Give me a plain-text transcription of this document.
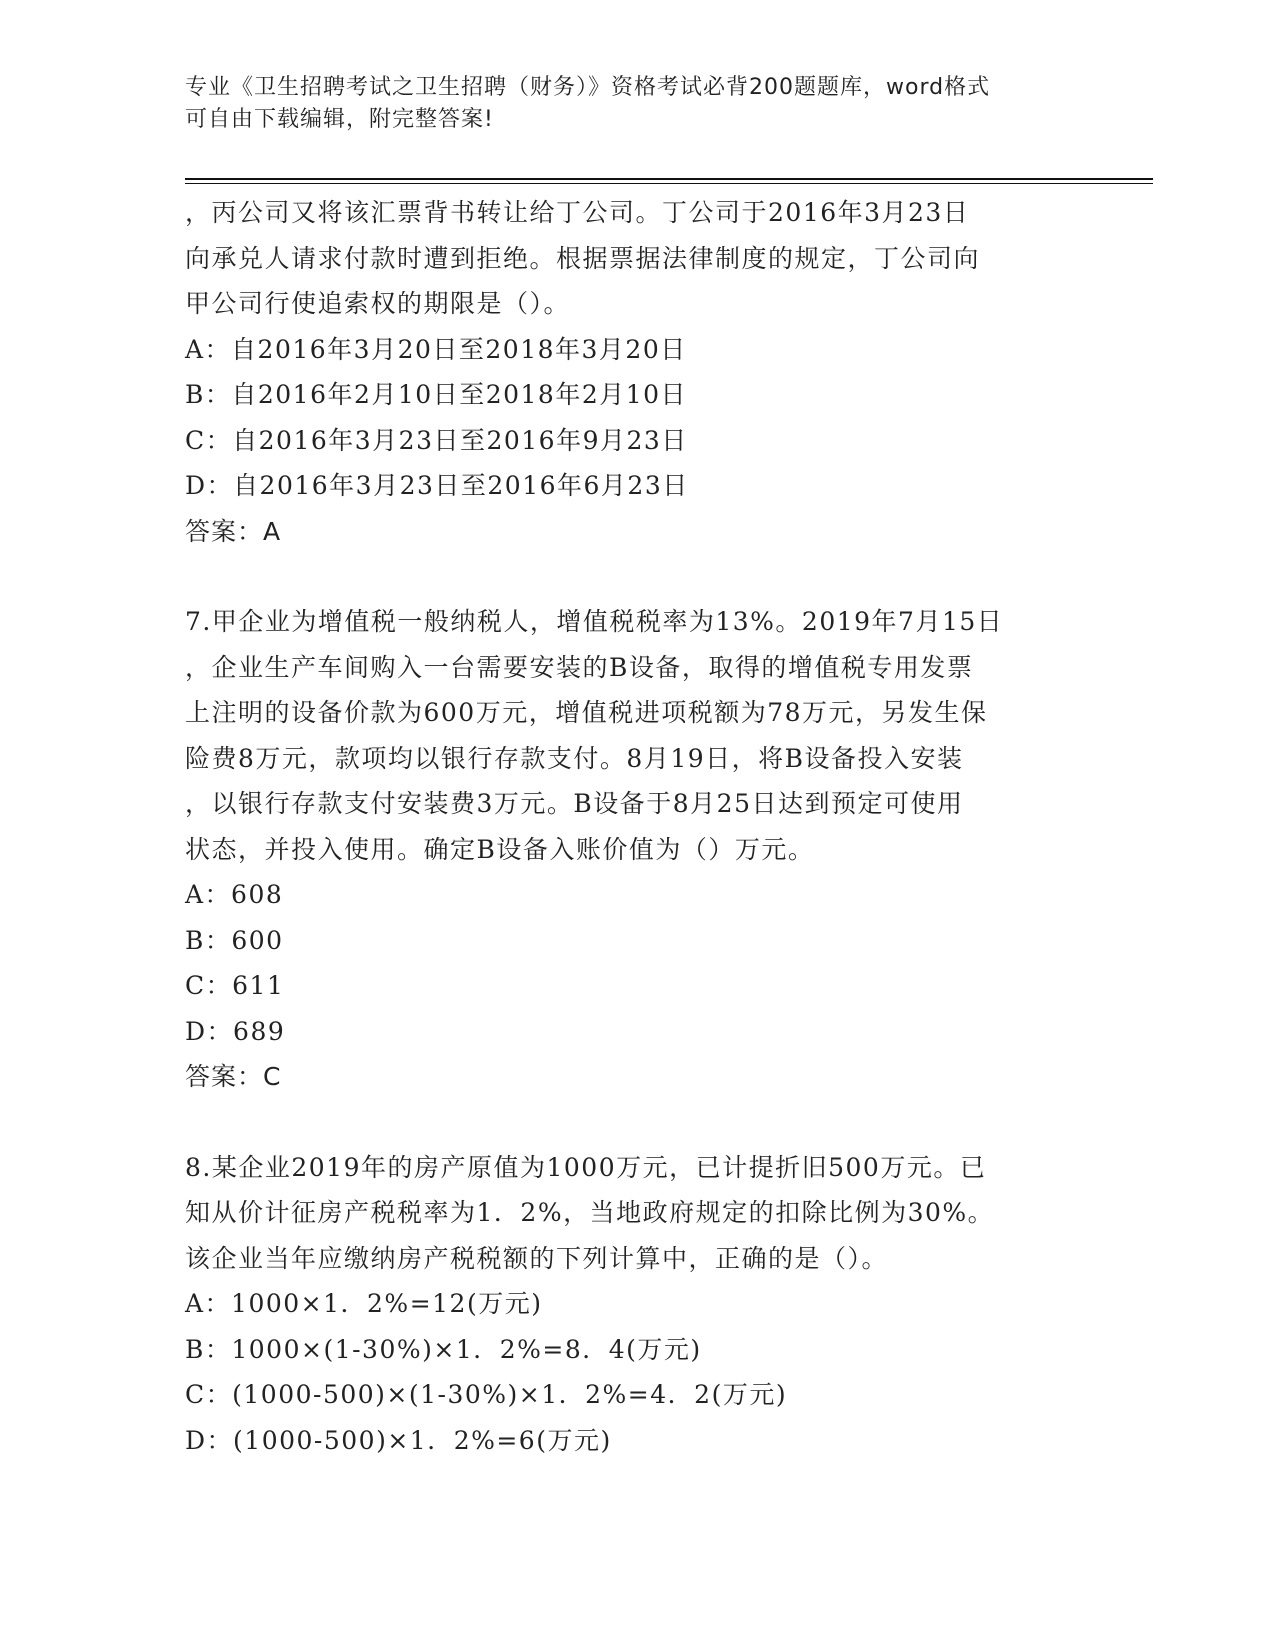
专业《卫生招聘考试之卫生招聘（财务）》资格考试必背200题题库，word格式
可自由下载编辑，附完整答案!
，丙公司又将该汇票背书转让给丁公司。丁公司于2016年3月23日
向承兑人请求付款时遭到拒绝。根据票据法律制度的规定，丁公司向
甲公司行使追索权的期限是（）。
A：自2016年3月20日至2018年3月20日
B：自2016年2月10日至2018年2月10日
C：自2016年3月23日至2016年9月23日
D：自2016年3月23日至2016年6月23日
答案：A
7.甲企业为增值税一般纳税人，增值税税率为13%。2019年7月15日
，企业生产车间购入一台需要安装的B设备，取得的增值税专用发票
上注明的设备价款为600万元，增值税进项税额为78万元，另发生保
险费8万元，款项均以银行存款支付。8月19日，将B设备投入安装
，以银行存款支付安装费3万元。B设备于8月25日达到预定可使用
状态，并投入使用。确定B设备入账价值为（）万元。
A：608
B：600
C：611
D：689
答案：C
8.某企业2019年的房产原值为1000万元，已计提折旧500万元。已
知从价计征房产税税率为1．2%，当地政府规定的扣除比例为30%。
该企业当年应缴纳房产税税额的下列计算中，正确的是（）。
A：1000×1．2%=12(万元)
B：1000×(1-30%)×1．2%=8．4(万元)
C：(1000-500)×(1-30%)×1．2%=4．2(万元)
D：(1000-500)×1．2%=6(万元)
